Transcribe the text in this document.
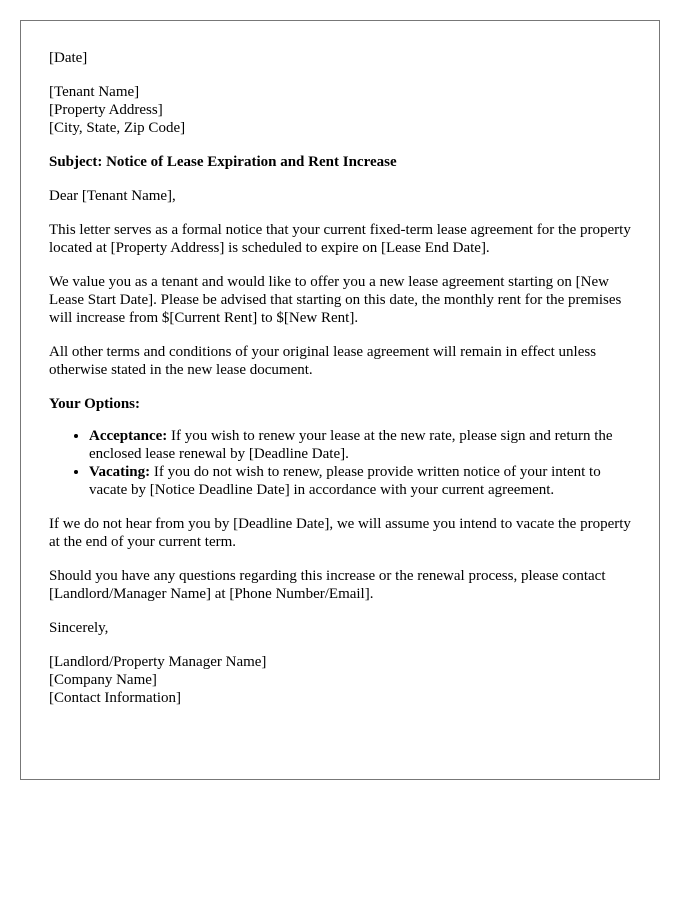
[Date]

[Tenant Name]
[Property Address]
[City, State, Zip Code]

Subject: Notice of Lease Expiration and Rent Increase

Dear [Tenant Name],

This letter serves as a formal notice that your current fixed-term lease agreement for the property located at [Property Address] is scheduled to expire on [Lease End Date].

We value you as a tenant and would like to offer you a new lease agreement starting on [New Lease Start Date]. Please be advised that starting on this date, the monthly rent for the premises will increase from $[Current Rent] to $[New Rent].

All other terms and conditions of your original lease agreement will remain in effect unless otherwise stated in the new lease document.

Your Options:
• Acceptance: If you wish to renew your lease at the new rate, please sign and return the enclosed lease renewal by [Deadline Date].
• Vacating: If you do not wish to renew, please provide written notice of your intent to vacate by [Notice Deadline Date] in accordance with your current agreement.

If we do not hear from you by [Deadline Date], we will assume you intend to vacate the property at the end of your current term.

Should you have any questions regarding this increase or the renewal process, please contact [Landlord/Manager Name] at [Phone Number/Email].

Sincerely,

[Landlord/Property Manager Name]
[Company Name]
[Contact Information]
